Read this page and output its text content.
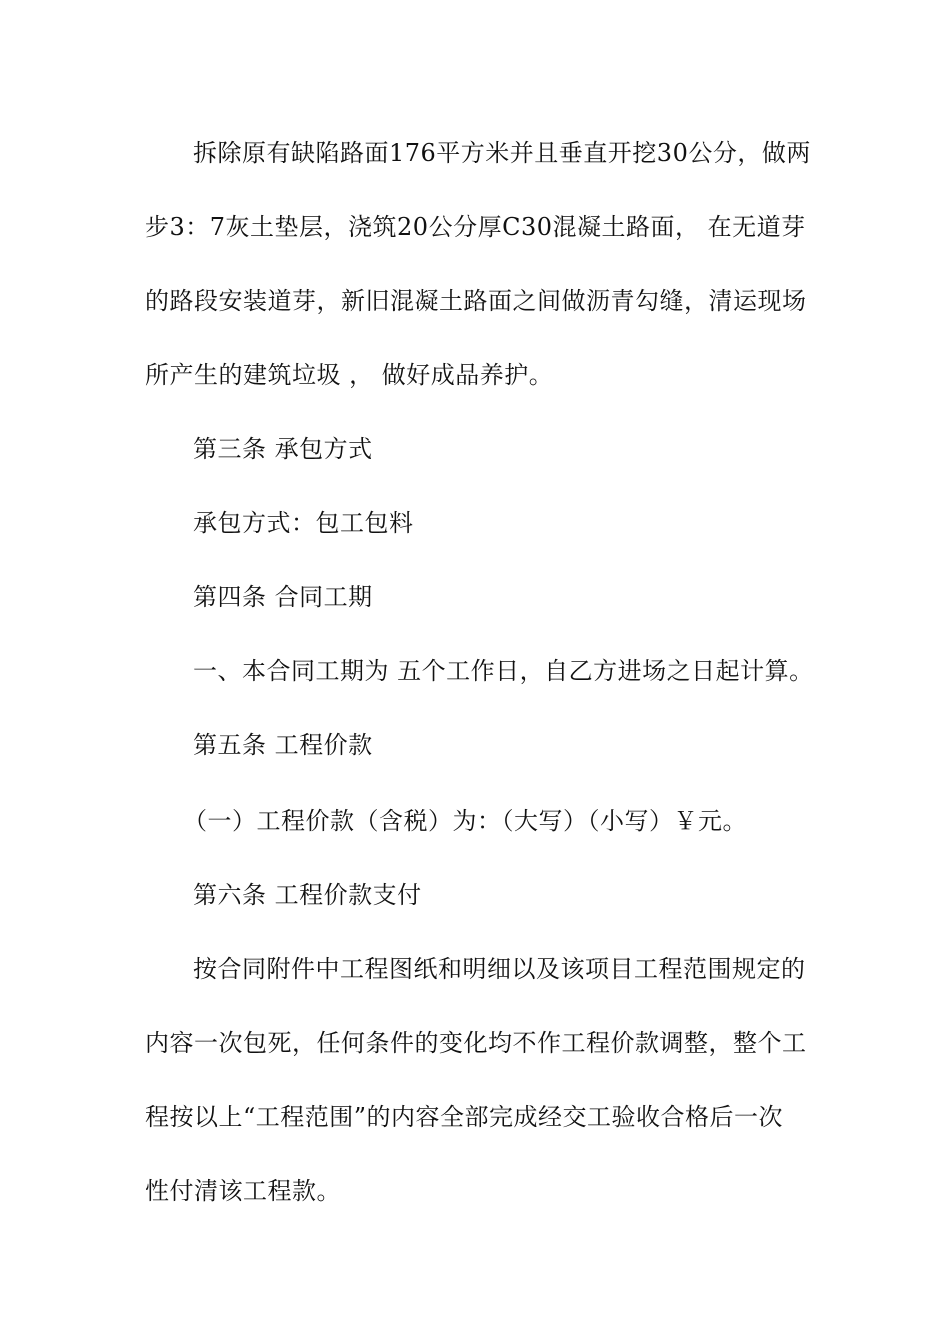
拆除原有缺陷路面176平方米并且垂直开挖30公分，做两
步3：7灰土垫层，浇筑20公分厚C30混凝土路面， 在无道芽
的路段安装道芽，新旧混凝土路面之间做沥青勾缝，清运现场
所产生的建筑垃圾 ， 做好成品养护。
第三条 承包方式
承包方式：包工包料
第四条 合同工期
一、本合同工期为 五个工作日，自乙方进场之日起计算。
第五条 工程价款
（一）工程价款（含税）为：（大写）（小写）￥元。
第六条 工程价款支付
按合同附件中工程图纸和明细以及该项目工程范围规定的
内容一次包死，任何条件的变化均不作工程价款调整，整个工
程按以上“工程范围”的内容全部完成经交工验收合格后一次
性付清该工程款。
